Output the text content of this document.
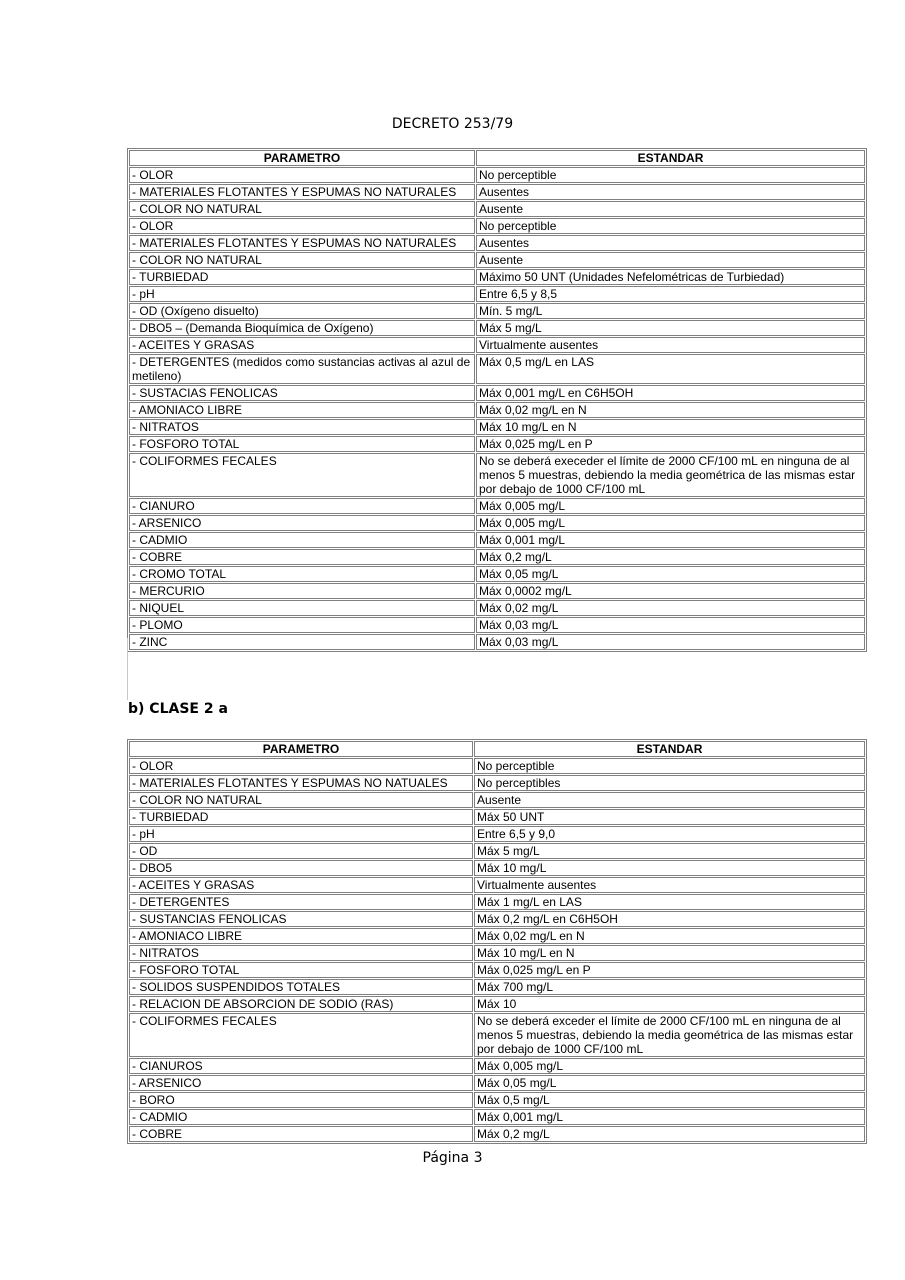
DECRETO 253/79
PARAMETRO	ESTANDAR
- OLOR	No perceptible
- MATERIALES FLOTANTES Y ESPUMAS NO NATURALES	Ausentes
- COLOR NO NATURAL	Ausente
- OLOR	No perceptible
- MATERIALES FLOTANTES Y ESPUMAS NO NATURALES	Ausentes
- COLOR NO NATURAL	Ausente
- TURBIEDAD	Máximo 50 UNT (Unidades Nefelométricas de Turbiedad)
- pH	Entre 6,5 y 8,5
- OD (Oxígeno disuelto)	Mín. 5 mg/L
- DBO5 – (Demanda Bioquímica de Oxígeno)	Máx 5 mg/L
- ACEITES Y GRASAS	Virtualmente ausentes
- DETERGENTES (medidos como sustancias activas al azul de metileno)	Máx 0,5 mg/L en LAS
- SUSTACIAS FENOLICAS	Máx 0,001 mg/L en C6H5OH
- AMONIACO LIBRE	Máx 0,02 mg/L en N
- NITRATOS	Máx 10 mg/L en N
- FOSFORO TOTAL	Máx 0,025 mg/L en P
- COLIFORMES FECALES	No se deberá execeder el límite de 2000 CF/100 mL en ninguna de al menos 5 muestras, debiendo la media geométrica de las mismas estar por debajo de 1000 CF/100 mL
- CIANURO	Máx 0,005 mg/L
- ARSENICO	Máx 0,005 mg/L
- CADMIO	Máx 0,001 mg/L
- COBRE	Máx 0,2 mg/L
- CROMO TOTAL	Máx 0,05 mg/L
- MERCURIO	Máx 0,0002 mg/L
- NIQUEL	Máx 0,02 mg/L
- PLOMO	Máx 0,03 mg/L
- ZINC	Máx 0,03 mg/L
b) CLASE 2 a
PARAMETRO	ESTANDAR
- OLOR	No perceptible
- MATERIALES FLOTANTES Y ESPUMAS NO NATUALES	No perceptibles
- COLOR NO NATURAL	Ausente
- TURBIEDAD	Máx 50 UNT
- pH	Entre 6,5 y 9,0
- OD	Máx 5 mg/L
- DBO5	Máx 10 mg/L
- ACEITES Y GRASAS	Virtualmente ausentes
- DETERGENTES	Máx 1 mg/L en LAS
- SUSTANCIAS FENOLICAS	Máx 0,2 mg/L en C6H5OH
- AMONIACO LIBRE	Máx 0,02 mg/L en N
- NITRATOS	Máx 10 mg/L en N
- FOSFORO TOTAL	Máx 0,025 mg/L en P
- SOLIDOS SUSPENDIDOS TOTALES	Máx 700 mg/L
- RELACION DE ABSORCION DE SODIO (RAS)	Máx 10
- COLIFORMES FECALES	No se deberá exceder el límite de 2000 CF/100 mL en ninguna de al menos 5 muestras, debiendo la media geométrica de las mismas estar por debajo de 1000 CF/100 mL
- CIANUROS	Máx 0,005 mg/L
- ARSENICO	Máx 0,05 mg/L
- BORO	Máx 0,5 mg/L
- CADMIO	Máx 0,001 mg/L
- COBRE	Máx 0,2 mg/L
Página 3
